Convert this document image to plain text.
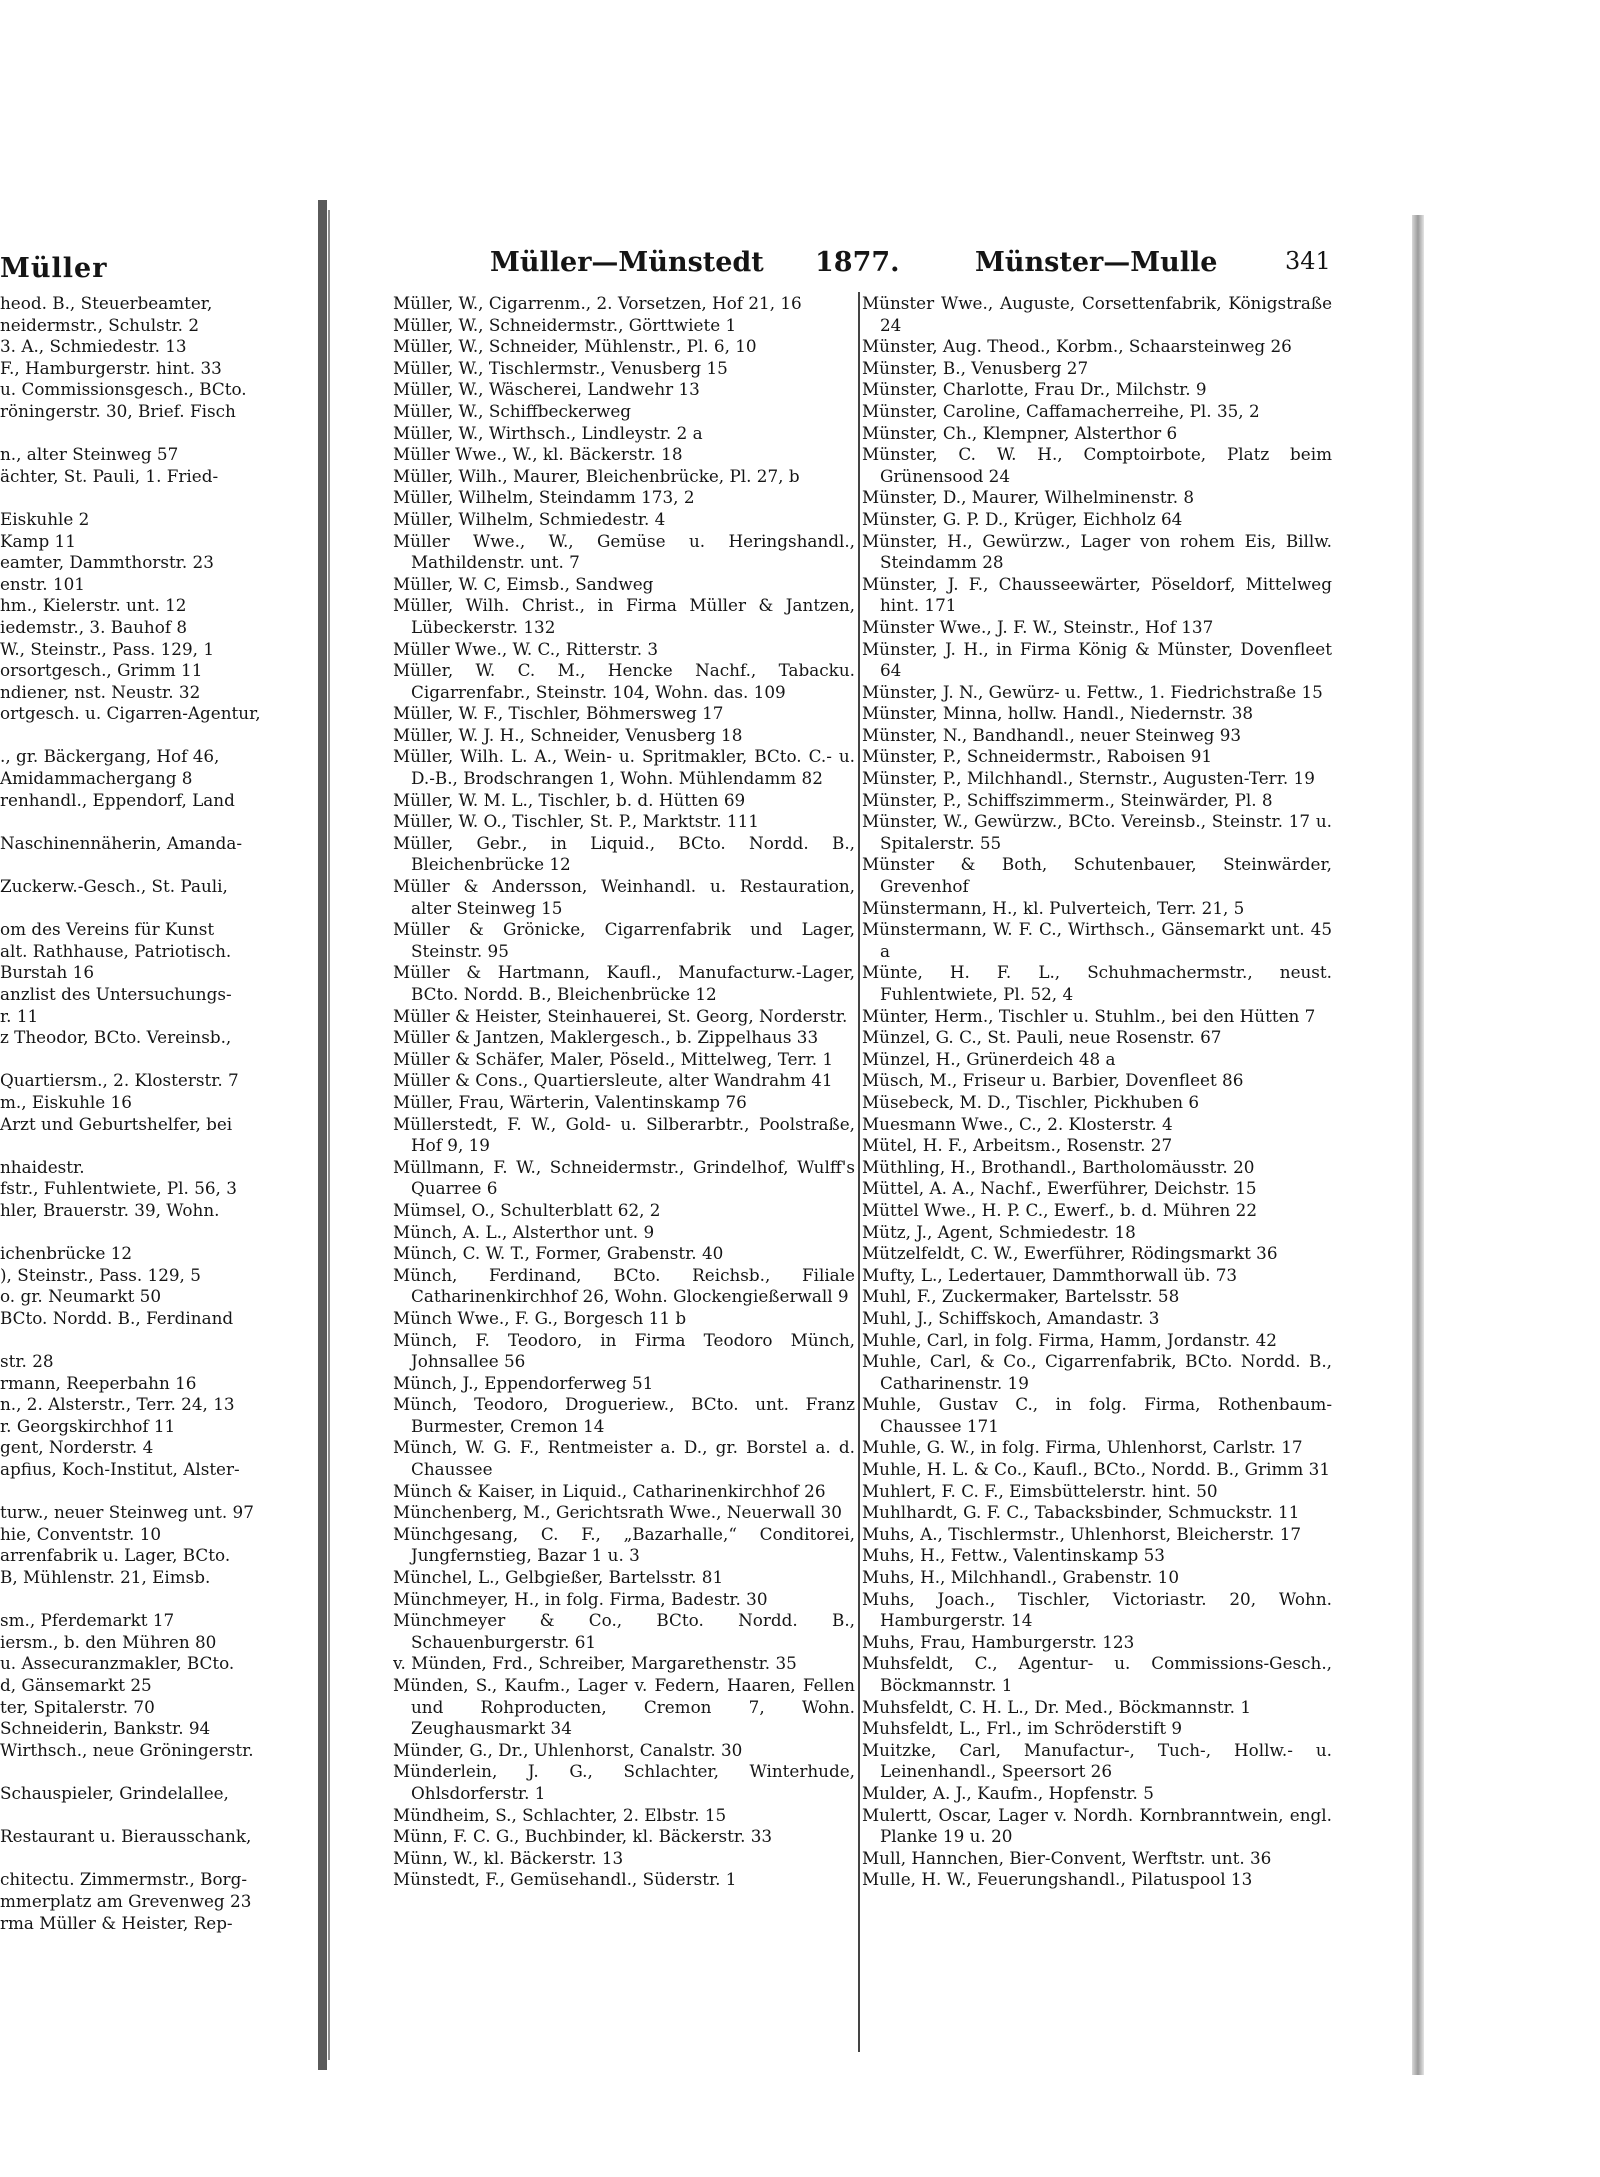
heod. B., Steuerbeamter,
neidermstr., Schulstr. 2
3. A., Schmiedestr. 13
F., Hamburgerstr. hint. 33
u. Commissionsgesch., BCto.
röningerstr. 30, Brief. Fisch

n., alter Steinweg 57
ächter, St. Pauli, 1. Fried-

Eiskuhle 2
Kamp 11
eamter, Dammthorstr. 23
enstr. 101
hm., Kielerstr. unt. 12
iedemstr., 3. Bauhof 8
W., Steinstr., Pass. 129, 1
orsortgesch., Grimm 11
ndiener, nst. Neustr. 32
ortgesch. u. Cigarren-Agentur,

., gr. Bäckergang, Hof 46,
Amidammachergang 8
renhandl., Eppendorf, Land

Naschinennäherin, Amanda-

Zuckerw.-Gesch., St. Pauli,

om des Vereins für Kunst
alt. Rathhause, Patriotisch.
Burstah 16
anzlist des Untersuchungs-
r. 11
z Theodor, BCto. Vereinsb.,

Quartiersm., 2. Klosterstr. 7
m., Eiskuhle 16
Arzt und Geburtshelfer, bei

nhaidestr.
fstr., Fuhlentwiete, Pl. 56, 3
hler, Brauerstr. 39, Wohn.

ichenbrücke 12
), Steinstr., Pass. 129, 5
o. gr. Neumarkt 50
BCto. Nordd. B., Ferdinand

str. 28
rmann, Reeperbahn 16
n., 2. Alsterstr., Terr. 24, 13
r. Georgskirchhof 11
gent, Norderstr. 4
apfius, Koch-Institut, Alster-

turw., neuer Steinweg unt. 97
hie, Conventstr. 10
arrenfabrik u. Lager, BCto.
B, Mühlenstr. 21, Eimsb.

sm., Pferdemarkt 17
iersm., b. den Mühren 80
u. Assecuranzmakler, BCto.
d, Gänsemarkt 25
ter, Spitalerstr. 70
Schneiderin, Bankstr. 94
Wirthsch., neue Gröningerstr.

Schauspieler, Grindelallee,

Restaurant u. Bierausschank,

chitectu. Zimmermstr., Borg-
mmerplatz am Grevenweg 23
rma Müller & Heister, Rep-
Müller	Müller—Münstedt 1877.	Münster—Mulle	341

Müller, W., Cigarrenm., 2. Vorsetzen, Hof 21, 16

Müller, W., Schneidermstr., Görttwiete 1

Müller, W., Schneider, Mühlenstr., Pl. 6, 10

Müller, W., Tischlermstr., Venusberg 15

Müller, W., Wäscherei, Landwehr 13

Müller, W., Schiffbeckerweg

Müller, W., Wirthsch., Lindleystr. 2 a

Müller Wwe., W., kl. Bäckerstr. 18

Müller, Wilh., Maurer, Bleichenbrücke, Pl. 27, b

Müller, Wilhelm, Steindamm 173, 2

Müller, Wilhelm, Schmiedestr. 4

Müller Wwe., W., Gemüse u. Heringshandl., Mathildenstr. unt. 7

Müller, W. C, Eimsb., Sandweg

Müller, Wilh. Christ., in Firma Müller & Jantzen, Lübeckerstr. 132

Müller Wwe., W. C., Ritterstr. 3

Müller, W. C. M., Hencke Nachf., Tabacku. Cigarrenfabr., Steinstr. 104, Wohn. das. 109

Müller, W. F., Tischler, Böhmersweg 17

Müller, W. J. H., Schneider, Venusberg 18

Müller, Wilh. L. A., Wein- u. Spritmakler, BCto. C.- u. D.-B., Brodschrangen 1, Wohn. Mühlendamm 82

Müller, W. M. L., Tischler, b. d. Hütten 69

Müller, W. O., Tischler, St. P., Marktstr. 111

Müller, Gebr., in Liquid., BCto. Nordd. B., Bleichenbrücke 12

Müller & Andersson, Weinhandl. u. Restauration, alter Steinweg 15

Müller & Grönicke, Cigarrenfabrik und Lager, Steinstr. 95

Müller & Hartmann, Kaufl., Manufacturw.-Lager, BCto. Nordd. B., Bleichenbrücke 12

Müller & Heister, Steinhauerei, St. Georg, Norderstr.

Müller & Jantzen, Maklergesch., b. Zippelhaus 33

Müller & Schäfer, Maler, Pöseld., Mittelweg, Terr. 1

Müller & Cons., Quartiersleute, alter Wandrahm 41

Müller, Frau, Wärterin, Valentinskamp 76

Müllerstedt, F. W., Gold- u. Silberarbtr., Poolstraße, Hof 9, 19

Müllmann, F. W., Schneidermstr., Grindelhof, Wulff's Quarree 6

Mümsel, O., Schulterblatt 62, 2

Münch, A. L., Alsterthor unt. 9

Münch, C. W. T., Former, Grabenstr. 40

Münch, Ferdinand, BCto. Reichsb., Filiale Catharinenkirchhof 26, Wohn. Glockengießerwall 9

Münch Wwe., F. G., Borgesch 11 b

Münch, F. Teodoro, in Firma Teodoro Münch, Johnsallee 56

Münch, J., Eppendorferweg 51

Münch, Teodoro, Drogueriew., BCto. unt. Franz Burmester, Cremon 14

Münch, W. G. F., Rentmeister a. D., gr. Borstel a. d. Chaussee

Münch & Kaiser, in Liquid., Catharinenkirchhof 26

Münchenberg, M., Gerichtsrath Wwe., Neuerwall 30

Münchgesang, C. F., „Bazarhalle,“ Conditorei, Jungfernstieg, Bazar 1 u. 3

Münchel, L., Gelbgießer, Bartelsstr. 81

Münchmeyer, H., in folg. Firma, Badestr. 30

Münchmeyer & Co., BCto. Nordd. B., Schauenburgerstr. 61

v. Münden, Frd., Schreiber, Margarethenstr. 35

Münden, S., Kaufm., Lager v. Federn, Haaren, Fellen und Rohproducten, Cremon 7, Wohn. Zeughausmarkt 34

Münder, G., Dr., Uhlenhorst, Canalstr. 30

Münderlein, J. G., Schlachter, Winterhude, Ohlsdorferstr. 1

Mündheim, S., Schlachter, 2. Elbstr. 15

Münn, F. C. G., Buchbinder, kl. Bäckerstr. 33

Münn, W., kl. Bäckerstr. 13

Münstedt, F., Gemüsehandl., Süderstr. 1

Münster Wwe., Auguste, Corsettenfabrik, Königstraße 24

Münster, Aug. Theod., Korbm., Schaarsteinweg 26

Münster, B., Venusberg 27

Münster, Charlotte, Frau Dr., Milchstr. 9

Münster, Caroline, Caffamacherreihe, Pl. 35, 2

Münster, Ch., Klempner, Alsterthor 6

Münster, C. W. H., Comptoirbote, Platz beim Grünensood 24

Münster, D., Maurer, Wilhelminenstr. 8

Münster, G. P. D., Krüger, Eichholz 64

Münster, H., Gewürzw., Lager von rohem Eis, Billw. Steindamm 28

Münster, J. F., Chausseewärter, Pöseldorf, Mittelweg hint. 171

Münster Wwe., J. F. W., Steinstr., Hof 137

Münster, J. H., in Firma König & Münster, Dovenfleet 64

Münster, J. N., Gewürz- u. Fettw., 1. Fiedrichstraße 15

Münster, Minna, hollw. Handl., Niedernstr. 38

Münster, N., Bandhandl., neuer Steinweg 93

Münster, P., Schneidermstr., Raboisen 91

Münster, P., Milchhandl., Sternstr., Augusten-Terr. 19

Münster, P., Schiffszimmerm., Steinwärder, Pl. 8

Münster, W., Gewürzw., BCto. Vereinsb., Steinstr. 17 u. Spitalerstr. 55

Münster & Both, Schutenbauer, Steinwärder, Grevenhof

Münstermann, H., kl. Pulverteich, Terr. 21, 5

Münstermann, W. F. C., Wirthsch., Gänsemarkt unt. 45 a

Münte, H. F. L., Schuhmachermstr., neust. Fuhlentwiete, Pl. 52, 4

Münter, Herm., Tischler u. Stuhlm., bei den Hütten 7

Münzel, G. C., St. Pauli, neue Rosenstr. 67

Münzel, H., Grünerdeich 48 a

Müsch, M., Friseur u. Barbier, Dovenfleet 86

Müsebeck, M. D., Tischler, Pickhuben 6

Muesmann Wwe., C., 2. Klosterstr. 4

Mütel, H. F., Arbeitsm., Rosenstr. 27

Müthling, H., Brothandl., Bartholomäusstr. 20

Müttel, A. A., Nachf., Ewerführer, Deichstr. 15

Müttel Wwe., H. P. C., Ewerf., b. d. Mühren 22

Mütz, J., Agent, Schmiedestr. 18

Mützelfeldt, C. W., Ewerführer, Rödingsmarkt 36

Mufty, L., Ledertauer, Dammthorwall üb. 73

Muhl, F., Zuckermaker, Bartelsstr. 58

Muhl, J., Schiffskoch, Amandastr. 3

Muhle, Carl, in folg. Firma, Hamm, Jordanstr. 42

Muhle, Carl, & Co., Cigarrenfabrik, BCto. Nordd. B., Catharinenstr. 19

Muhle, Gustav C., in folg. Firma, Rothenbaum-Chaussee 171

Muhle, G. W., in folg. Firma, Uhlenhorst, Carlstr. 17

Muhle, H. L. & Co., Kaufl., BCto., Nordd. B., Grimm 31

Muhlert, F. C. F., Eimsbüttelerstr. hint. 50

Muhlhardt, G. F. C., Tabacksbinder, Schmuckstr. 11

Muhs, A., Tischlermstr., Uhlenhorst, Bleicherstr. 17

Muhs, H., Fettw., Valentinskamp 53

Muhs, H., Milchhandl., Grabenstr. 10

Muhs, Joach., Tischler, Victoriastr. 20, Wohn. Hamburgerstr. 14

Muhs, Frau, Hamburgerstr. 123

Muhsfeldt, C., Agentur- u. Commissions-Gesch., Böckmannstr. 1

Muhsfeldt, C. H. L., Dr. Med., Böckmannstr. 1

Muhsfeldt, L., Frl., im Schröderstift 9

Muitzke, Carl, Manufactur-, Tuch-, Hollw.- u. Leinenhandl., Speersort 26

Mulder, A. J., Kaufm., Hopfenstr. 5

Mulertt, Oscar, Lager v. Nordh. Kornbranntwein, engl. Planke 19 u. 20

Mull, Hannchen, Bier-Convent, Werftstr. unt. 36

Mulle, H. W., Feuerungshandl., Pilatuspool 13
